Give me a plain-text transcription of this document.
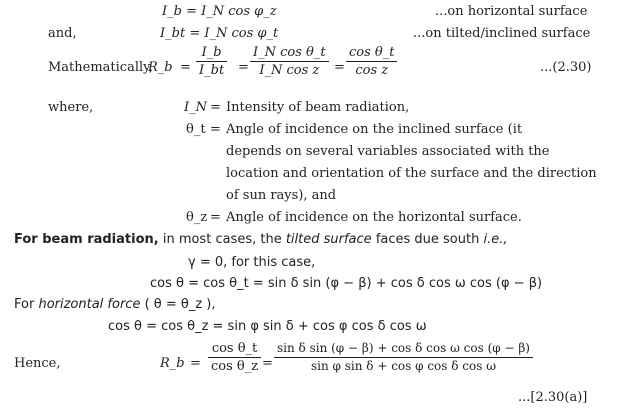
I_b = I_N cos φ_z	...on horizontal surface
and,	I_bt = I_N cos φ_t	...on tilted/inclined surface
Mathematically,
R_b =
I_b
I_bt =
I_N cos θ_t
I_N cos z =
cos θ_t
cos z	...(2.30)
where,	I_N = Intensity of beam radiation,
θ_t = Angle of incidence on the inclined surface (it
depends on several variables associated with the
location and orientation of the surface and the direction
of sun rays), and
θ_z = Angle of incidence on the horizontal surface.
For beam radiation, in most cases, the tilted surface faces due south i.e.,
γ = 0, for this case,
cos θ = cos θ_t = sin δ sin (φ − β) + cos δ cos ω cos (φ − β)
For horizontal force ( θ = θ_z ),
cos θ = cos θ_z = sin φ sin δ + cos φ cos δ cos ω
Hence,	R_b =
cos θ_t
cos θ_z =
sin δ sin (φ − β) + cos δ cos ω cos (φ − β)
sin φ sin δ + cos φ cos δ cos ω
...[2.30(a)]
